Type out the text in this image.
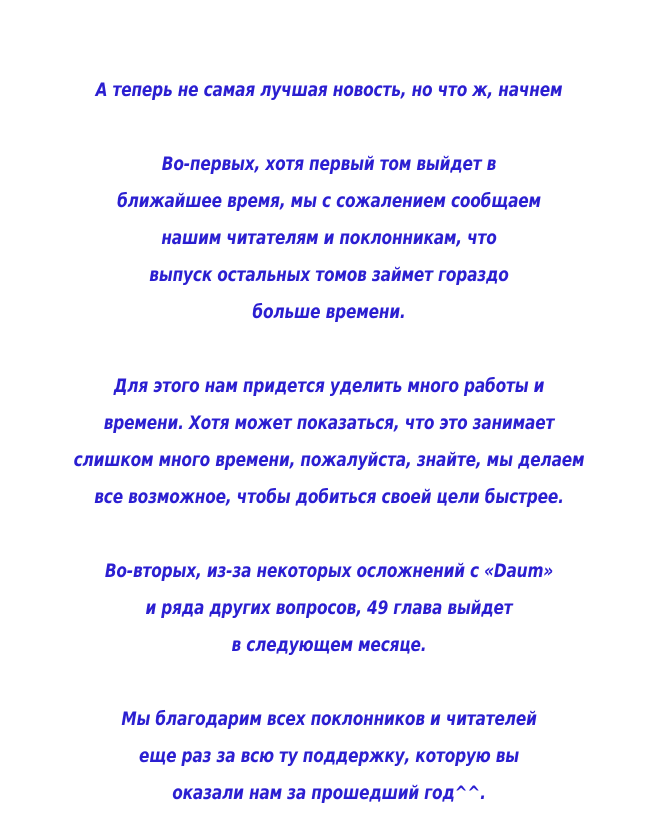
А теперь не самая лучшая новость, но что ж, начнем
Во-первых, хотя первый том выйдет в
ближайшее время, мы с сожалением сообщаем
нашим читателям и поклонникам, что
выпуск остальных томов займет гораздо
больше времени.
Для этого нам придется уделить много работы и
времени. Хотя может показаться, что это занимает
слишком много времени, пожалуйста, знайте, мы делаем
все возможное, чтобы добиться своей цели быстрее.
Во-вторых, из-за некоторых осложнений с «Daum»
и ряда других вопросов, 49 глава выйдет
в следующем месяце.
Мы благодарим всех поклонников и читателей
еще раз за всю ту поддержку, которую вы
оказали нам за прошедший год^^.
